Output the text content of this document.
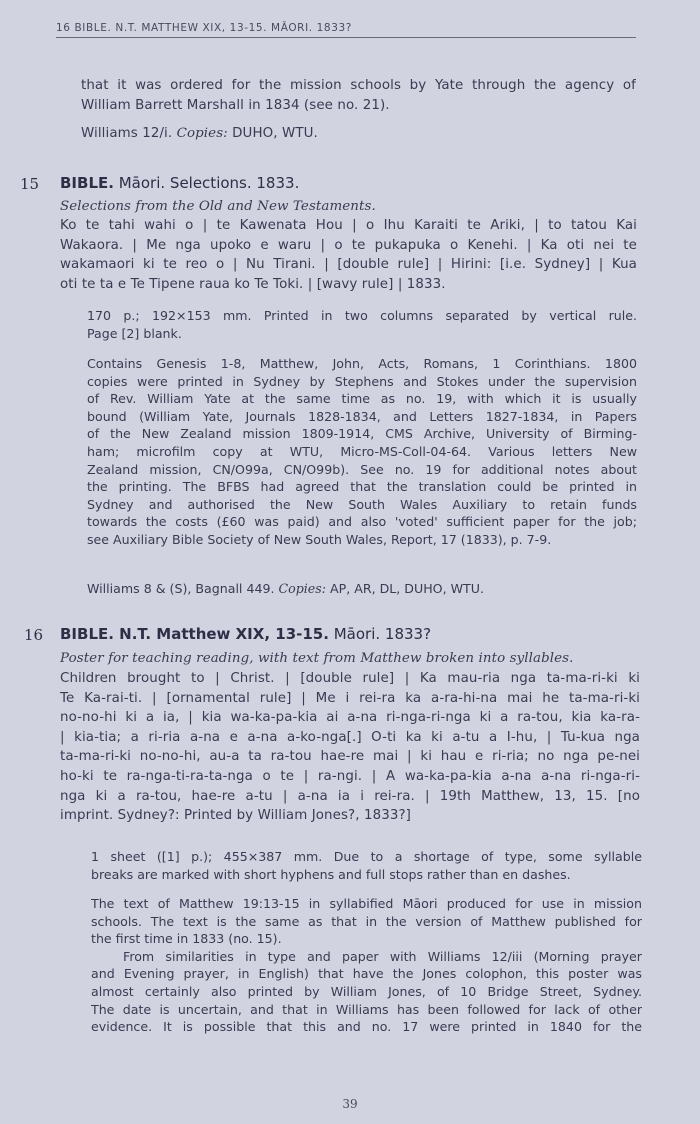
16 BIBLE. N.T. MATTHEW XIX, 13-15. MĀORI. 1833?
that it was ordered for the mission schools by Yate through the agency of
William Barrett Marshall in 1834 (see no. 21).
Williams 12/i. Copies: DUHO, WTU.
15 BIBLE. Māori. Selections. 1833.
Selections from the Old and New Testaments.
Ko te tahi wahi o | te Kawenata Hou | o Ihu Karaiti te Ariki, | to tatou Kai
Wakaora. | Me nga upoko e waru | o te pukapuka o Kenehi. | Ka oti nei te
wakamaori ki te reo o | Nu Tirani. | [double rule] | Hirini: [i.e. Sydney] | Kua
oti te ta e Te Tipene raua ko Te Toki. | [wavy rule] | 1833.
170 p.; 192×153 mm. Printed in two columns separated by vertical rule.
Page [2] blank.
Contains Genesis 1-8, Matthew, John, Acts, Romans, 1 Corinthians. 1800
copies were printed in Sydney by Stephens and Stokes under the supervision
of Rev. William Yate at the same time as no. 19, with which it is usually
bound (William Yate, Journals 1828-1834, and Letters 1827-1834, in Papers
of the New Zealand mission 1809-1914, CMS Archive, University of Birming-
ham; microfilm copy at WTU, Micro-MS-Coll-04-64. Various letters New
Zealand mission, CN/O99a, CN/O99b). See no. 19 for additional notes about
the printing. The BFBS had agreed that the translation could be printed in
Sydney and authorised the New South Wales Auxiliary to retain funds
towards the costs (£60 was paid) and also 'voted' sufficient paper for the job;
see Auxiliary Bible Society of New South Wales, Report, 17 (1833), p. 7-9.
Williams 8 & (S), Bagnall 449. Copies: AP, AR, DL, DUHO, WTU.
16 BIBLE. N.T. Matthew XIX, 13-15. Māori. 1833?
Poster for teaching reading, with text from Matthew broken into syllables.
Children brought to | Christ. | [double rule] | Ka mau-ria nga ta-ma-ri-ki ki
Te Ka-rai-ti. | [ornamental rule] | Me i rei-ra ka a-ra-hi-na mai he ta-ma-ri-ki
no-no-hi ki a ia, | kia wa-ka-pa-kia ai a-na ri-nga-ri-nga ki a ra-tou, kia ka-ra-
| kia-tia; a ri-ria a-na e a-na a-ko-nga[.] O-ti ka ki a-tu a I-hu, | Tu-kua nga
ta-ma-ri-ki no-no-hi, au-a ta ra-tou hae-re mai | ki hau e ri-ria; no nga pe-nei
ho-ki te ra-nga-ti-ra-ta-nga o te | ra-ngi. | A wa-ka-pa-kia a-na a-na ri-nga-ri-
nga ki a ra-tou, hae-re a-tu | a-na ia i rei-ra. | 19th Matthew, 13, 15. [no
imprint. Sydney?: Printed by William Jones?, 1833?]
1 sheet ([1] p.); 455×387 mm. Due to a shortage of type, some syllable
breaks are marked with short hyphens and full stops rather than en dashes.
The text of Matthew 19:13-15 in syllabified Māori produced for use in mission
schools. The text is the same as that in the version of Matthew published for
the first time in 1833 (no. 15).
From similarities in type and paper with Williams 12/iii (Morning prayer
and Evening prayer, in English) that have the Jones colophon, this poster was
almost certainly also printed by William Jones, of 10 Bridge Street, Sydney.
The date is uncertain, and that in Williams has been followed for lack of other
evidence. It is possible that this and no. 17 were printed in 1840 for the
39
